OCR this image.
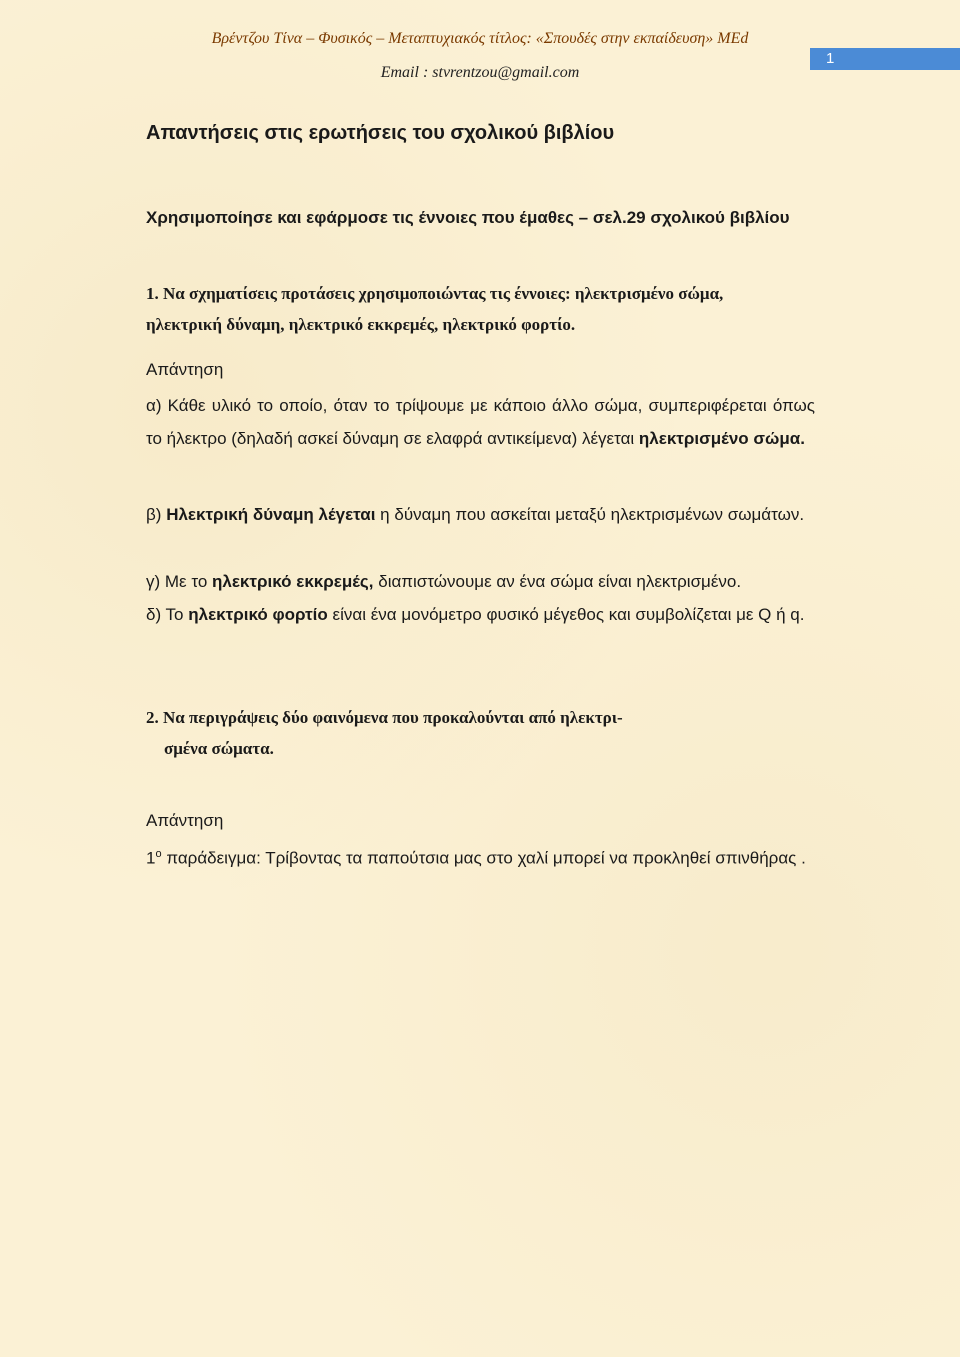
Βρέντζου Τίνα – Φυσικός – Μεταπτυχιακός τίτλος: «Σπουδές στην εκπαίδευση» MEd
Email : stvrentzou@gmail.com
1
Απαντήσεις στις ερωτήσεις του σχολικού βιβλίου
Χρησιμοποίησε και εφάρμοσε τις έννοιες που έμαθες – σελ.29 σχολικού βιβλίου
1. Να σχηματίσεις προτάσεις χρησιμοποιώντας τις έννοιες: ηλεκτρισμένο σώμα,
ηλεκτρική δύναμη, ηλεκτρικό εκκρεμές, ηλεκτρικό φορτίο.
Απάντηση
α) Κάθε υλικό το οποίο, όταν το τρίψουμε με κάποιο άλλο σώμα, συμπεριφέρεται όπως το ήλεκτρο (δηλαδή ασκεί δύναμη σε ελαφρά αντικείμενα) λέγεται ηλεκτρισμένο σώμα.
β) Ηλεκτρική δύναμη λέγεται η δύναμη που ασκείται μεταξύ ηλεκτρισμένων σωμάτων.
γ) Με το ηλεκτρικό εκκρεμές, διαπιστώνουμε αν ένα σώμα είναι ηλεκτρισμένο.
δ) Το ηλεκτρικό φορτίο είναι ένα μονόμετρο φυσικό μέγεθος και συμβολίζεται με Q ή q.
2. Να περιγράψεις δύο φαινόμενα που προκαλούνται από ηλεκτρι-
σμένα σώματα.
Απάντηση
$1^o$ παράδειγμα: Τρίβοντας τα παπούτσια μας στο χαλί μπορεί να προκληθεί σπινθήρας .
